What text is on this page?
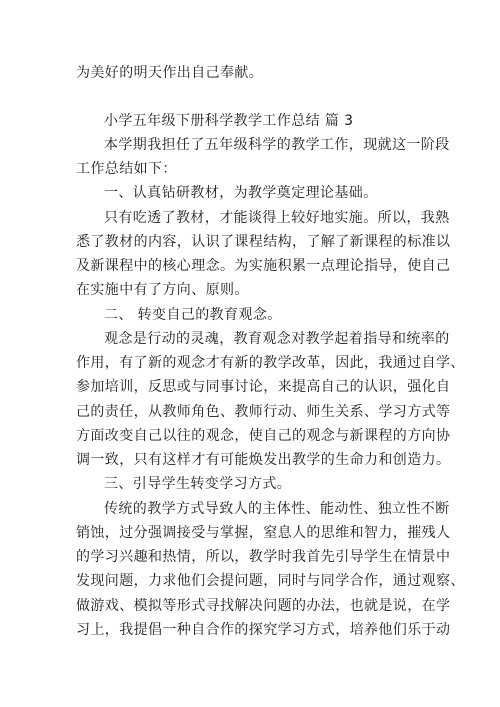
为美好的明天作出自己奉献。
小学五年级下册科学教学工作总结 篇 3
本学期我担任了五年级科学的教学工作，现就这一阶段
工作总结如下：
一、认真钻研教材，为教学奠定理论基础。
只有吃透了教材，才能谈得上较好地实施。所以，我熟
悉了教材的内容，认识了课程结构，了解了新课程的标准以
及新课程中的核心理念。为实施积累一点理论指导，使自己
在实施中有了方向、原则。
二、 转变自己的教育观念。
观念是行动的灵魂，教育观念对教学起着指导和统率的
作用，有了新的观念才有新的教学改革，因此，我通过自学、
参加培训，反思或与同事讨论，来提高自己的认识，强化自
己的责任，从教师角色、教师行动、师生关系、学习方式等
方面改变自己以往的观念，使自己的观念与新课程的方向协
调一致，只有这样才有可能焕发出教学的生命力和创造力。
三、引导学生转变学习方式。
传统的教学方式导致人的主体性、能动性、独立性不断
销蚀，过分强调接受与掌握，窒息人的思维和智力，摧残人
的学习兴趣和热情，所以，教学时我首先引导学生在情景中
发现问题，力求他们会提问题，同时与同学合作，通过观察、
做游戏、模拟等形式寻找解决问题的办法，也就是说，在学
习上，我提倡一种自合作的探究学习方式，培养他们乐于动
